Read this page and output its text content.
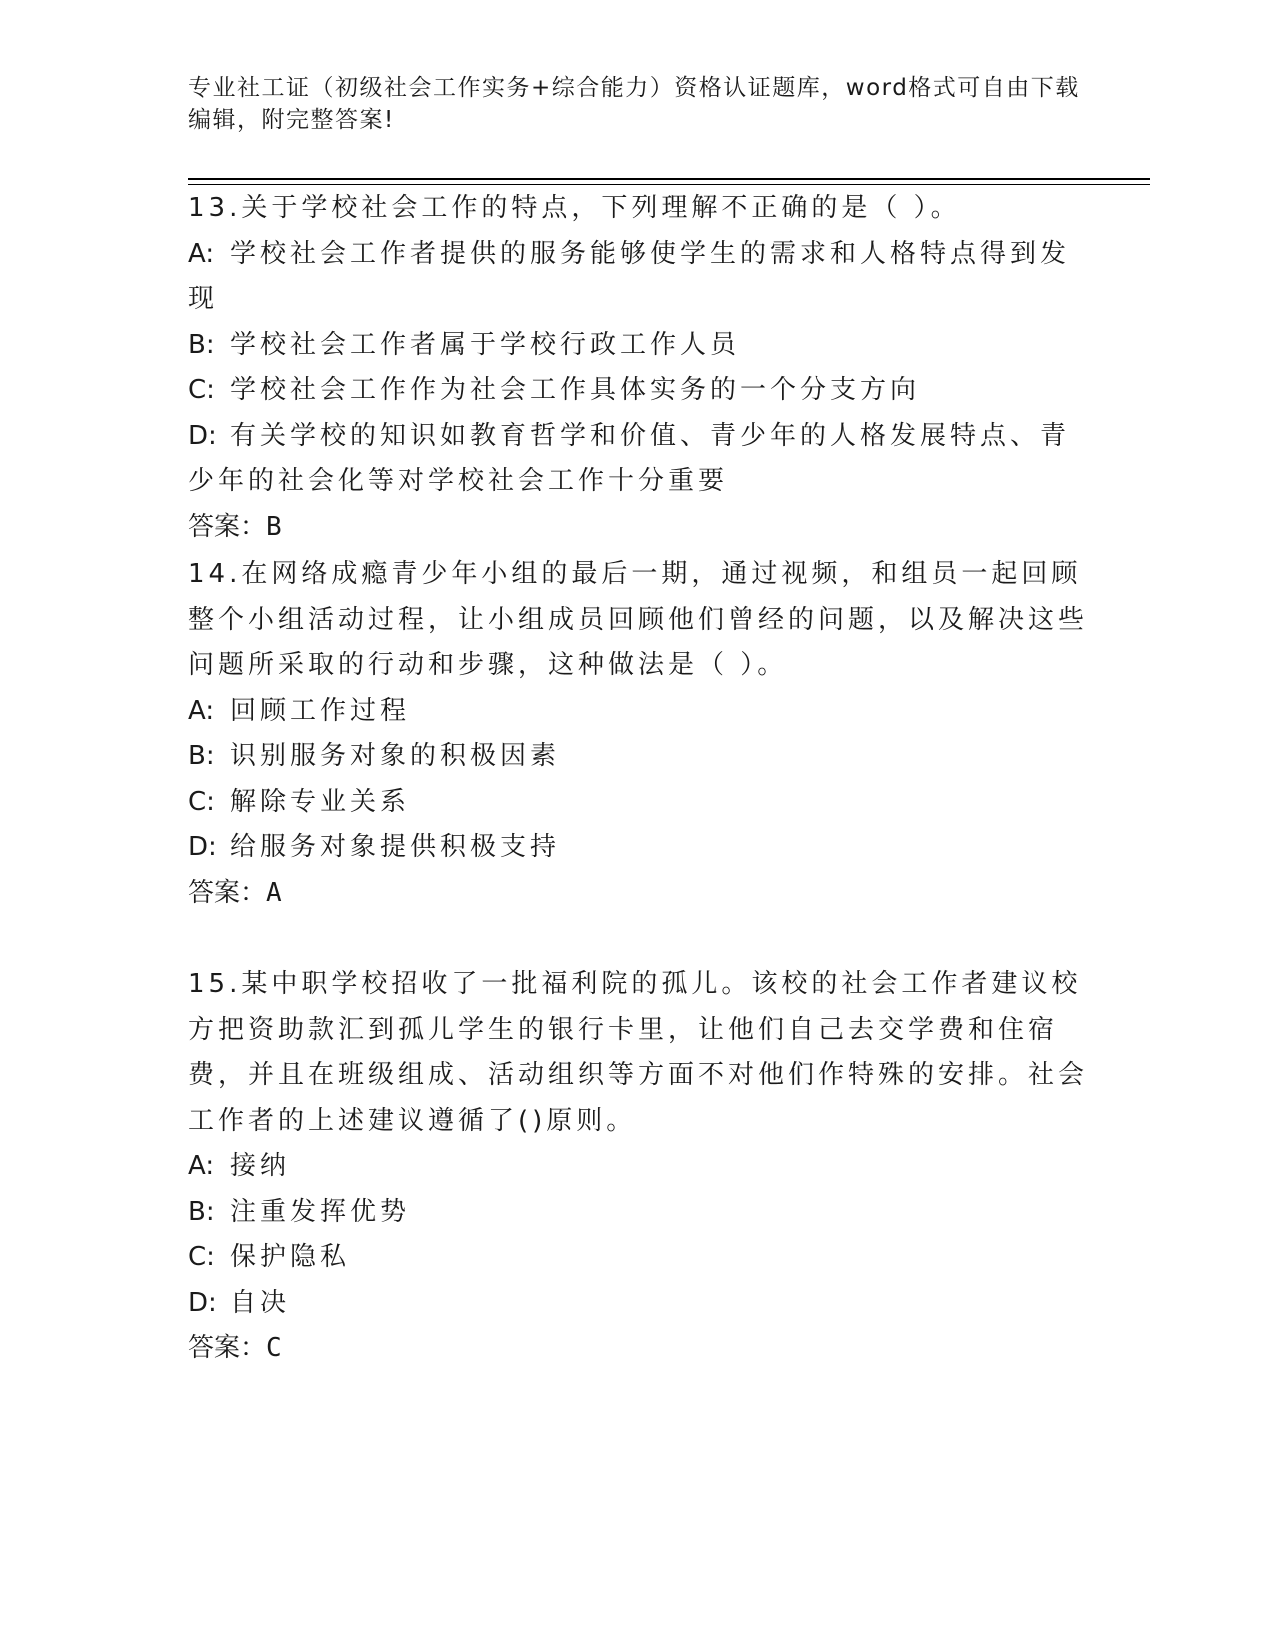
专业社工证（初级社会工作实务+综合能力）资格认证题库，word格式可自由下载
编辑，附完整答案!
13.关于学校社会工作的特点，下列理解不正确的是（ ）。
A: 学校社会工作者提供的服务能够使学生的需求和人格特点得到发现
B: 学校社会工作者属于学校行政工作人员
C: 学校社会工作作为社会工作具体实务的一个分支方向
D: 有关学校的知识如教育哲学和价值、青少年的人格发展特点、青少年的社会化等对学校社会工作十分重要
答案：B
14.在网络成瘾青少年小组的最后一期，通过视频，和组员一起回顾整个小组活动过程，让小组成员回顾他们曾经的问题，以及解决这些问题所采取的行动和步骤，这种做法是（ ）。
A: 回顾工作过程
B: 识别服务对象的积极因素
C: 解除专业关系
D: 给服务对象提供积极支持
答案：A
15.某中职学校招收了一批福利院的孤儿。该校的社会工作者建议校方把资助款汇到孤儿学生的银行卡里，让他们自己去交学费和住宿费，并且在班级组成、活动组织等方面不对他们作特殊的安排。社会工作者的上述建议遵循了()原则。
A: 接纳
B: 注重发挥优势
C: 保护隐私
D: 自决
答案：C
